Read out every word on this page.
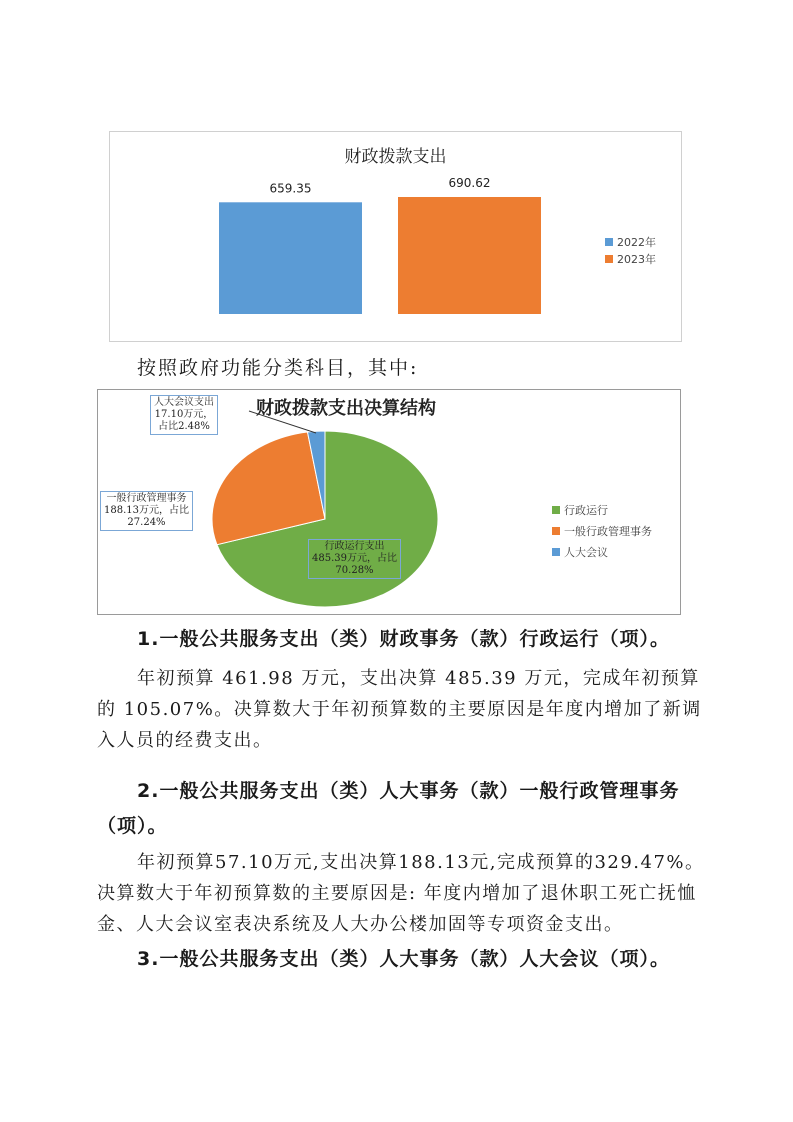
财政拨款支出
659.35	690.62
2022年
2023年
按照政府功能分类科目，其中:
财政拨款支出决算结构
人大会议支出
17.10万元，
占比2.48%
一般行政管理事务
188.13万元，占比
27.24%
行政运行支出
485.39万元，占比
70.28%
行政运行
一般行政管理事务
人大会议
1.一般公共服务支出（类）财政事务（款）行政运行（项）。
年初预算 461.98 万元，支出决算 485.39 万元，完成年初预算的 105.07%。决算数大于年初预算数的主要原因是年度内增加了新调入人员的经费支出。
2.一般公共服务支出（类）人大事务（款）一般行政管理事务
（项）。
年初预算57.10万元,支出决算188.13元,完成预算的329.47%。决算数大于年初预算数的主要原因是: 年度内增加了退休职工死亡抚恤金、人大会议室表决系统及人大办公楼加固等专项资金支出。
3.一般公共服务支出（类）人大事务（款）人大会议（项）。
